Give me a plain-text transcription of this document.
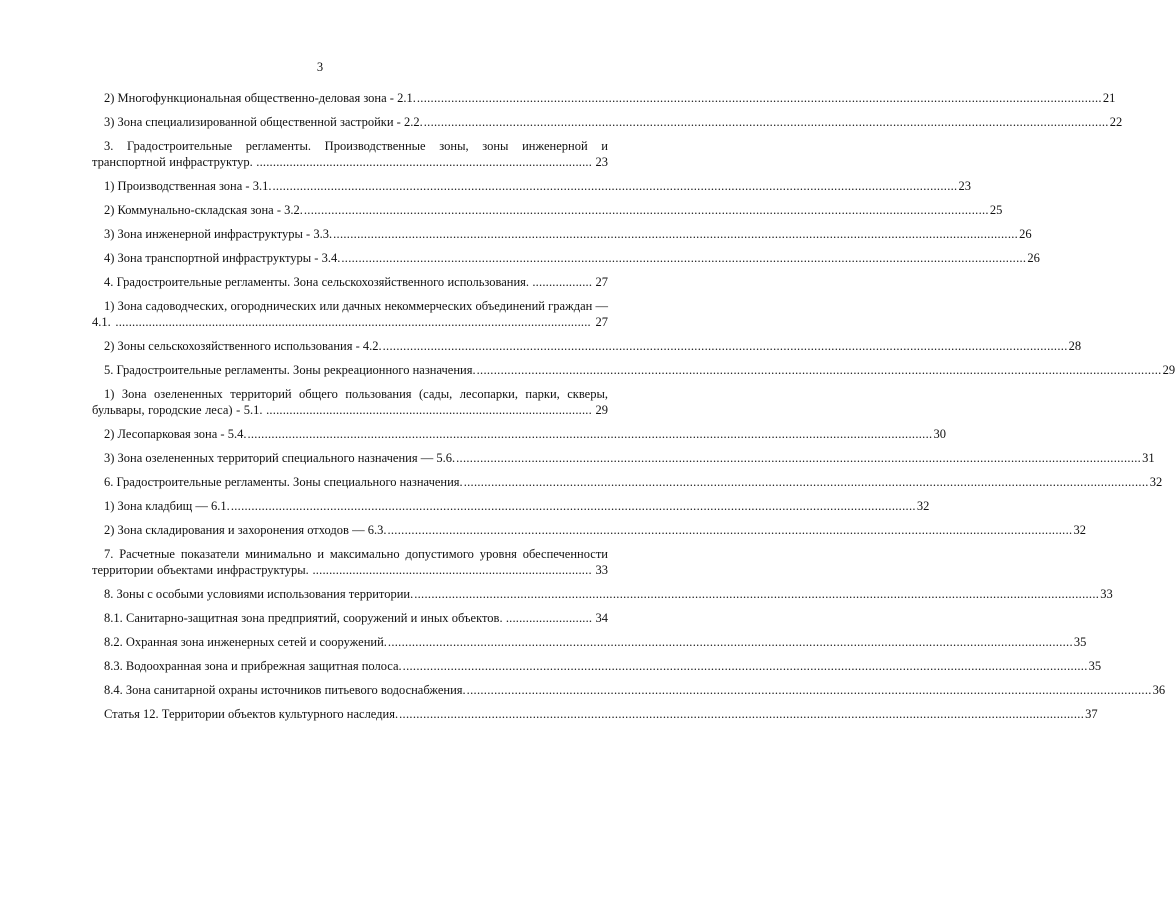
3
2) Многофункциональная общественно-деловая зона - 2.1. ........................................................................................................................................................................................................ 21
3) Зона специализированной общественной застройки - 2.2. ........................................................................................................................................................................................................ 22
3. Градостроительные регламенты. Производственные зоны, зоны инженерной и транспортной инфраструктур. ..................................................................................................... 23
1) Производственная зона - 3.1. ........................................................................................................................................................................................................ 23
2) Коммунально-складская зона - 3.2. ........................................................................................................................................................................................................ 25
3) Зона инженерной инфраструктуры - 3.3. ........................................................................................................................................................................................................ 26
4) Зона транспортной инфраструктуры - 3.4. ........................................................................................................................................................................................................ 26
4. Градостроительные регламенты. Зона сельскохозяйственного использования. .................. 27
1) Зона садоводческих, огороднических или дачных некоммерческих объединений граждан — 4.1. ............................................................................................................................................... 27
2) Зоны сельскохозяйственного использования - 4.2. ........................................................................................................................................................................................................ 28
5. Градостроительные регламенты. Зоны рекреационного назначения. ........................................................................................................................................................................................................ 29
1) Зона озелененных территорий общего пользования (сады, лесопарки, парки, скверы, бульвары, городские леса) - 5.1. .................................................................................................. 29
2) Лесопарковая зона - 5.4. ........................................................................................................................................................................................................ 30
3) Зона озелененных территорий специального назначения — 5.6. ........................................................................................................................................................................................................ 31
6. Градостроительные регламенты. Зоны специального назначения. ........................................................................................................................................................................................................ 32
1) Зона кладбищ — 6.1. ........................................................................................................................................................................................................ 32
2) Зона складирования и захоронения отходов — 6.3. ........................................................................................................................................................................................................ 32
7. Расчетные показатели минимально и максимально допустимого уровня обеспеченности территории объектами инфраструктуры. .................................................................................... 33
8. Зоны с особыми условиями использования территории. ........................................................................................................................................................................................................ 33
8.1. Санитарно-защитная зона предприятий, сооружений и иных объектов. .......................... 34
8.2. Охранная зона инженерных сетей и сооружений. ........................................................................................................................................................................................................ 35
8.3. Водоохранная зона и прибрежная защитная полоса. ........................................................................................................................................................................................................ 35
8.4. Зона санитарной охраны источников питьевого водоснабжения. ........................................................................................................................................................................................................ 36
Статья 12. Территории объектов культурного наследия. ........................................................................................................................................................................................................ 37
